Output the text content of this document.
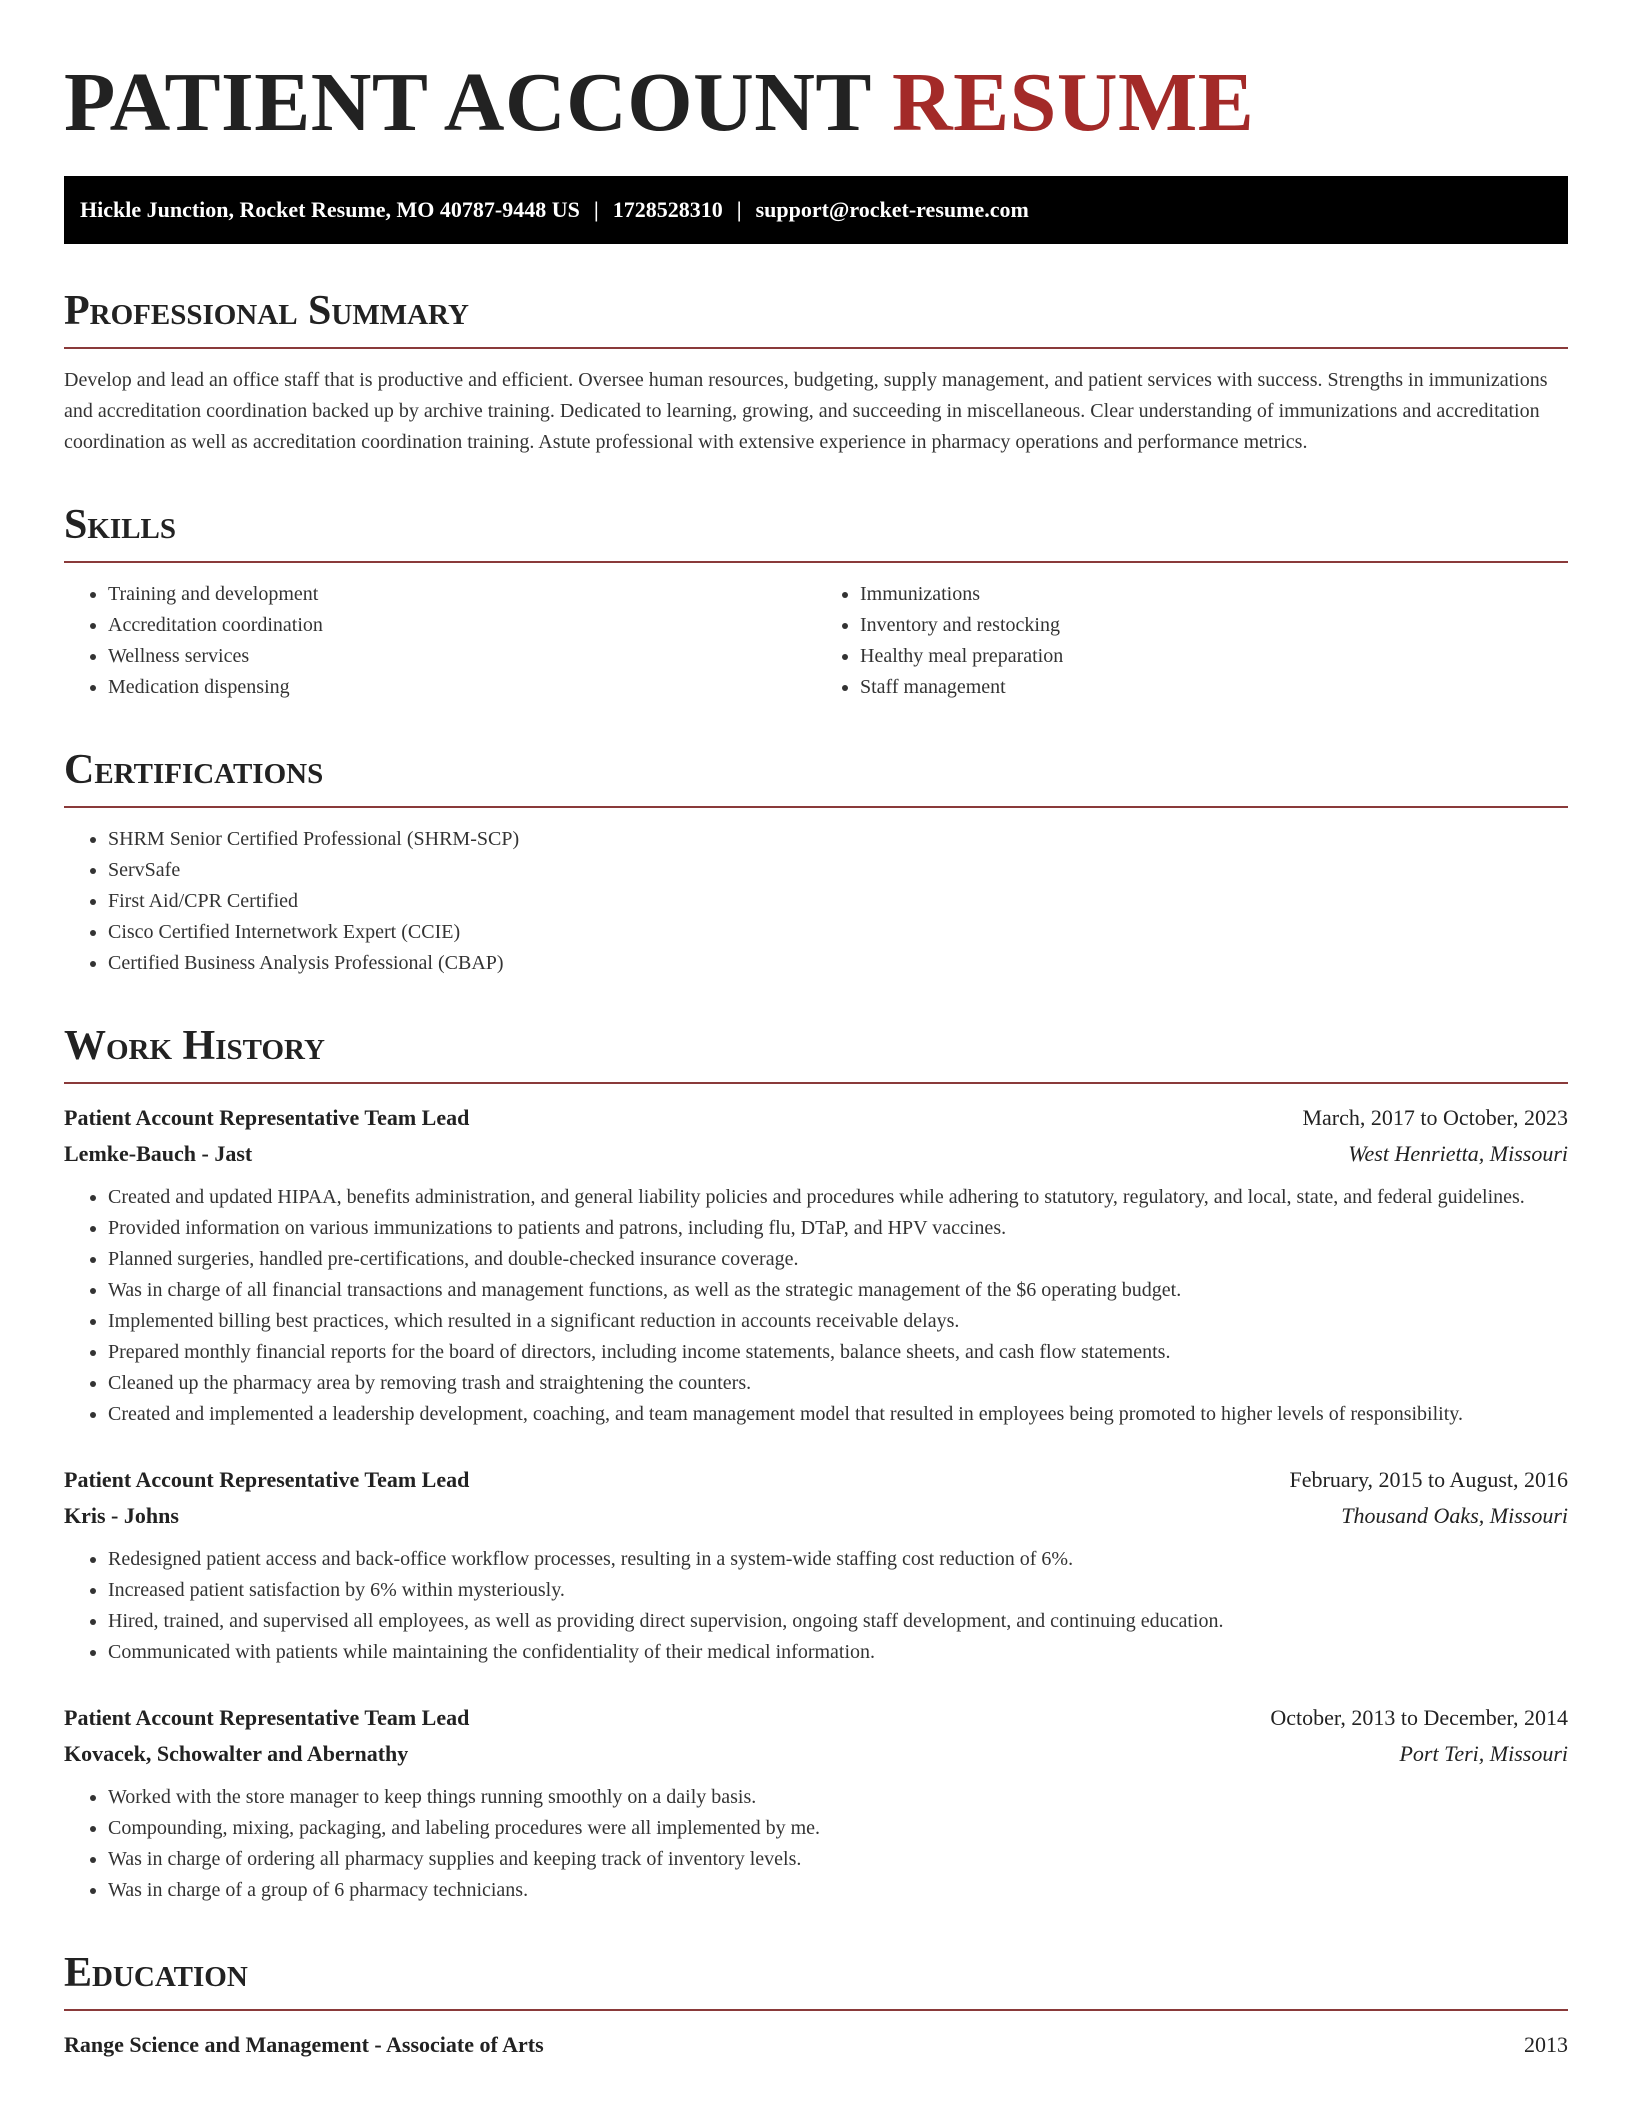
PATIENT ACCOUNT RESUME
Hickle Junction, Rocket Resume, MO 40787-9448 US | 1728528310 | support@rocket-resume.com
Professional Summary

Develop and lead an office staff that is productive and efficient. Oversee human resources, budgeting, supply management, and patient services with success. Strengths in immunizations and accreditation coordination backed up by archive training. Dedicated to learning, growing, and succeeding in miscellaneous. Clear understanding of immunizations and accreditation coordination as well as accreditation coordination training. Astute professional with extensive experience in pharmacy operations and performance metrics.

Skills
• Training and development
• Accreditation coordination
• Wellness services
• Medication dispensing
• Immunizations
• Inventory and restocking
• Healthy meal preparation
• Staff management
Certifications
• SHRM Senior Certified Professional (SHRM-SCP)
• ServSafe
• First Aid/CPR Certified
• Cisco Certified Internetwork Expert (CCIE)
• Certified Business Analysis Professional (CBAP)
Work History
Patient Account Representative Team Lead	March, 2017 to October, 2023
Lemke-Bauch - Jast	West Henrietta, Missouri
• Created and updated HIPAA, benefits administration, and general liability policies and procedures while adhering to statutory, regulatory, and local, state, and federal guidelines.
• Provided information on various immunizations to patients and patrons, including flu, DTaP, and HPV vaccines.
• Planned surgeries, handled pre-certifications, and double-checked insurance coverage.
• Was in charge of all financial transactions and management functions, as well as the strategic management of the $6 operating budget.
• Implemented billing best practices, which resulted in a significant reduction in accounts receivable delays.
• Prepared monthly financial reports for the board of directors, including income statements, balance sheets, and cash flow statements.
• Cleaned up the pharmacy area by removing trash and straightening the counters.
• Created and implemented a leadership development, coaching, and team management model that resulted in employees being promoted to higher levels of responsibility.
Patient Account Representative Team Lead	February, 2015 to August, 2016
Kris - Johns	Thousand Oaks, Missouri
• Redesigned patient access and back-office workflow processes, resulting in a system-wide staffing cost reduction of 6%.
• Increased patient satisfaction by 6% within mysteriously.
• Hired, trained, and supervised all employees, as well as providing direct supervision, ongoing staff development, and continuing education.
• Communicated with patients while maintaining the confidentiality of their medical information.
Patient Account Representative Team Lead	October, 2013 to December, 2014
Kovacek, Schowalter and Abernathy	Port Teri, Missouri
• Worked with the store manager to keep things running smoothly on a daily basis.
• Compounding, mixing, packaging, and labeling procedures were all implemented by me.
• Was in charge of ordering all pharmacy supplies and keeping track of inventory levels.
• Was in charge of a group of 6 pharmacy technicians.
Education
Range Science and Management - Associate of Arts	2013
